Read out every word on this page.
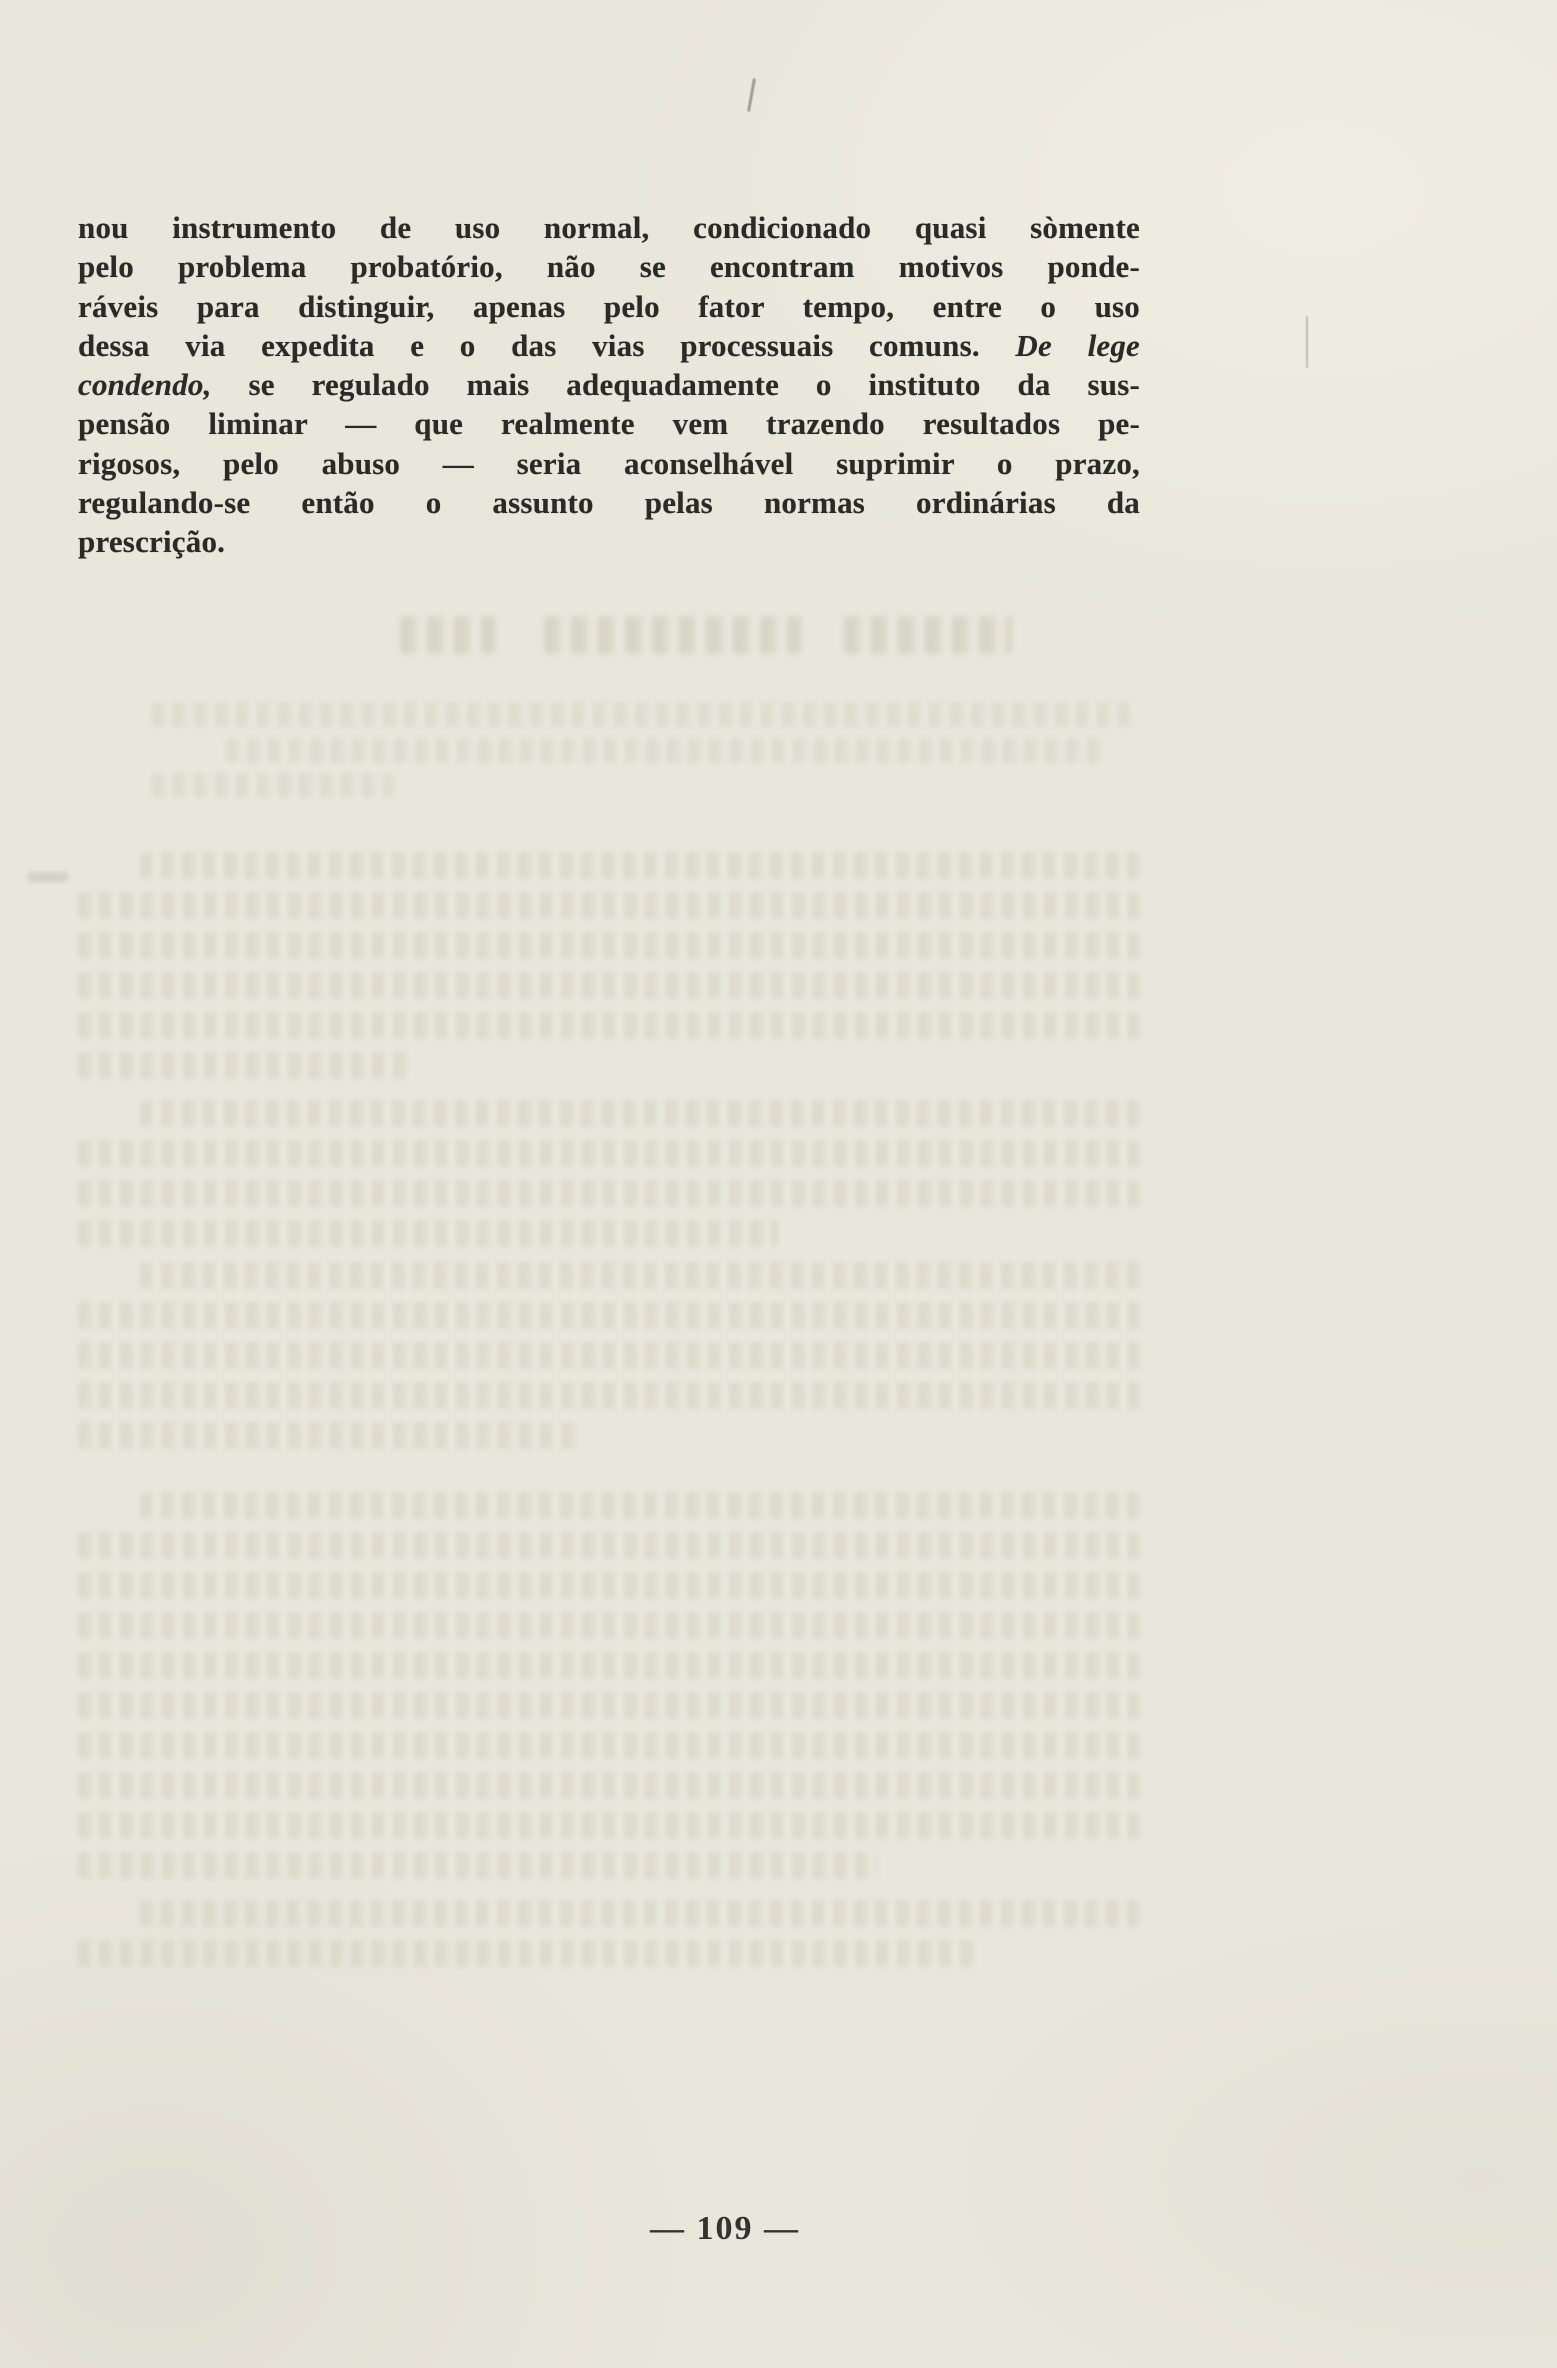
nou instrumento de uso normal, condicionado quasi sòmente
pelo problema probatório, não se encontram motivos ponde-
ráveis para distinguir, apenas pelo fator tempo, entre o uso
dessa via expedita e o das vias processuais comuns. De lege
condendo, se regulado mais adequadamente o instituto da sus-
pensão liminar — que realmente vem trazendo resultados pe-
rigosos, pelo abuso — seria aconselhável suprimir o prazo,
regulando-se então o assunto pelas normas ordinárias da
prescrição.
— 109 —
